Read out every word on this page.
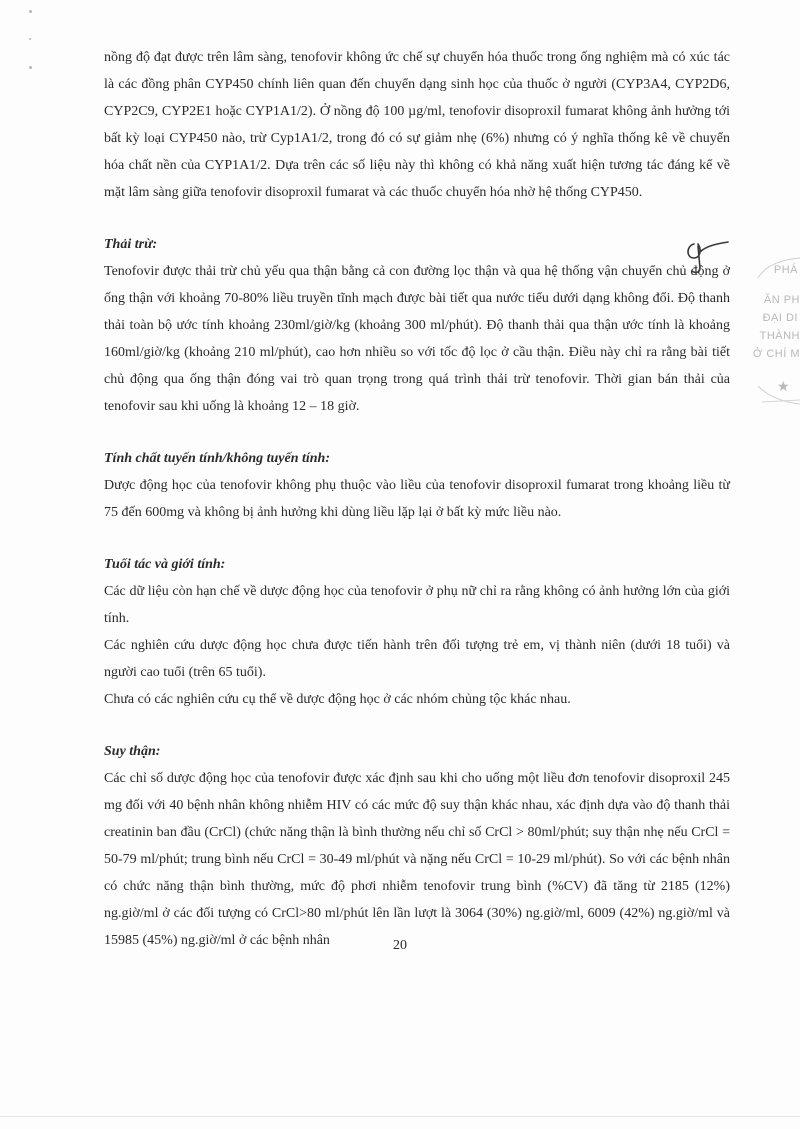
nồng độ đạt được trên lâm sàng, tenofovir không ức chế sự chuyển hóa thuốc trong ống nghiệm mà có xúc tác là các đồng phân CYP450 chính liên quan đến chuyển dạng sinh học của thuốc ở người (CYP3A4, CYP2D6, CYP2C9, CYP2E1 hoặc CYP1A1/2). Ở nồng độ 100 µg/ml, tenofovir disoproxil fumarat không ảnh hưởng tới bất kỳ loại CYP450 nào, trừ Cyp1A1/2, trong đó có sự giảm nhẹ (6%) nhưng có ý nghĩa thống kê về chuyển hóa chất nền của CYP1A1/2. Dựa trên các số liệu này thì không có khả năng xuất hiện tương tác đáng kể về mặt lâm sàng giữa tenofovir disoproxil fumarat và các thuốc chuyển hóa nhờ hệ thống CYP450.

Thải trừ:

Tenofovir được thải trừ chủ yếu qua thận bằng cả con đường lọc thận và qua hệ thống vận chuyển chủ động ở ống thận với khoảng 70-80% liều truyền tĩnh mạch được bài tiết qua nước tiểu dưới dạng không đổi. Độ thanh thải toàn bộ ước tính khoảng 230ml/giờ/kg (khoảng 300 ml/phút). Độ thanh thải qua thận ước tính là khoảng 160ml/giờ/kg (khoảng 210 ml/phút), cao hơn nhiều so với tốc độ lọc ở cầu thận. Điều này chỉ ra rằng bài tiết chủ động qua ống thận đóng vai trò quan trọng trong quá trình thải trừ tenofovir. Thời gian bán thải của tenofovir sau khi uống là khoảng 12 – 18 giờ.

Tính chất tuyến tính/không tuyến tính:

Dược động học của tenofovir không phụ thuộc vào liều của tenofovir disoproxil fumarat trong khoảng liều từ 75 đến 600mg và không bị ảnh hưởng khi dùng liều lặp lại ở bất kỳ mức liều nào.

Tuổi tác và giới tính:

Các dữ liệu còn hạn chế về dược động học của tenofovir ở phụ nữ chỉ ra rằng không có ảnh hưởng lớn của giới tính.

Các nghiên cứu dược động học chưa được tiến hành trên đối tượng trẻ em, vị thành niên (dưới 18 tuổi) và người cao tuổi (trên 65 tuổi).

Chưa có các nghiên cứu cụ thể về dược động học ở các nhóm chủng tộc khác nhau.

Suy thận:

Các chỉ số dược động học của tenofovir được xác định sau khi cho uống một liều đơn tenofovir disoproxil 245 mg đối với 40 bệnh nhân không nhiễm HIV có các mức độ suy thận khác nhau, xác định dựa vào độ thanh thải creatinin ban đầu (CrCl) (chức năng thận là bình thường nếu chỉ số CrCl > 80ml/phút; suy thận nhẹ nếu CrCl = 50-79 ml/phút; trung bình nếu CrCl = 30-49 ml/phút và nặng nếu CrCl = 10-29 ml/phút). So với các bệnh nhân có chức năng thận bình thường, mức độ phơi nhiễm tenofovir trung bình (%CV) đã tăng từ 2185 (12%) ng.giờ/ml ở các đối tượng có CrCl>80 ml/phút lên lần lượt là 3064 (30%) ng.giờ/ml, 6009 (42%) ng.giờ/ml và 15985 (45%) ng.giờ/ml ở các bệnh nhân

PHÁ
ĂN PH
ĐẠI DI
THÀNH
Ở CHÍ M
★
20
